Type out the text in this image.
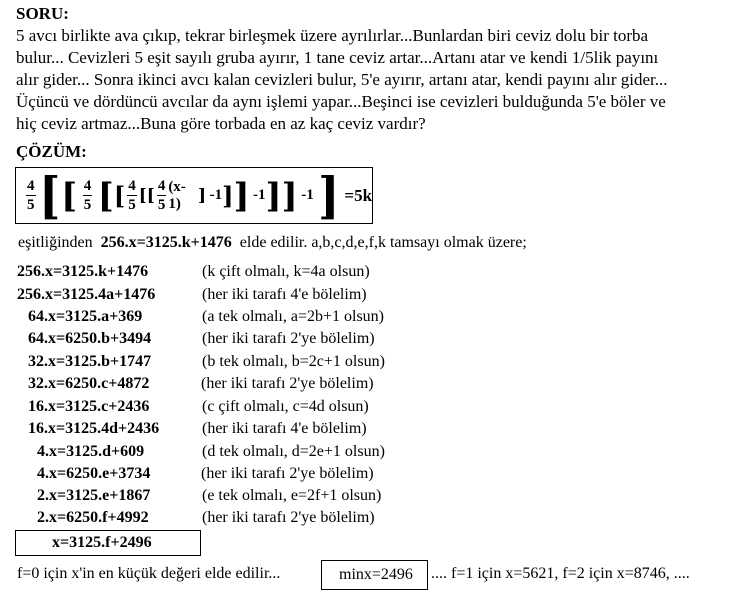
SORU:
5 avcı birlikte ava çıkıp, tekrar birleşmek üzere ayrılırlar...Bunlardan biri ceviz dolu bir torba
bulur... Cevizleri 5 eşit sayılı gruba ayırır, 1 tane ceviz artar...Artanı atar ve kendi 1/5lik payını
alır gider... Sonra ikinci avcı kalan cevizleri bulur, 5'e ayırır, artanı atar, kendi payını alır gider...
Üçüncü ve dördüncü avcılar da aynı işlemi yapar...Beşinci ise cevizleri bulduğunda 5'e böler ve
hiç ceviz artmaz...Buna göre torbada en az kaç ceviz vardır?
ÇÖZÜM:
$\frac{4}{5}$ [ [ $\frac{4}{5}$ [ [ $\frac{4}{5}$ [ [ $\frac{4}{5} (x-1)$	] -1 ] ] -1 ] ] -1 ] =5k
eşitliğinden 256.x=3125.k+1476 elde edilir. a,b,c,d,e,f,k tamsayı olmak üzere;
256.x=3125.k+1476	(k çift olmalı, k=4a olsun)
256.x=3125.4a+1476	(her iki tarafı 4'e bölelim)
64.x=3125.a+369	(a tek olmalı, a=2b+1 olsun)
64.x=6250.b+3494	(her iki tarafı 2'ye bölelim)
32.x=3125.b+1747	(b tek olmalı, b=2c+1 olsun)
32.x=6250.c+4872	(her iki tarafı 2'ye bölelim)
16.x=3125.c+2436	(c çift olmalı, c=4d olsun)
16.x=3125.4d+2436	(her iki tarafı 4'e bölelim)
4.x=3125.d+609	(d tek olmalı, d=2e+1 olsun)
4.x=6250.e+3734	(her iki tarafı 2'ye bölelim)
2.x=3125.e+1867	(e tek olmalı, e=2f+1 olsun)
2.x=6250.f+4992	(her iki tarafı 2'ye bölelim)
x=3125.f+2496
f=0 için x'in en küçük değeri elde edilir...	minx=2496 .... f=1 için x=5621, f=2 için x=8746, ....
